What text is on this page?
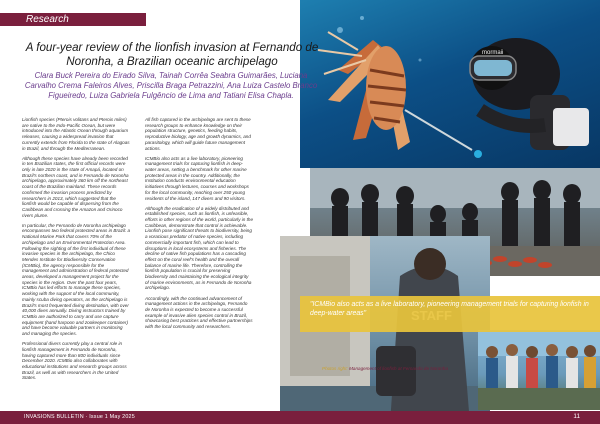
mormaii
"ICMBio also acts as a live laboratory, pioneering management trials for capturing lionfish in deep-water areas"
Photos right: Management of lionfish at Fernando de Noronha
Research
A four-year review of the lionfish invasion at Fernando de Noronha, a Brazilian oceanic archipelago

Clara Buck Pereira do Eirado Silva, Tainah Corrêa Seabra Guimarães, Luciana Carvalho Crema Faleiros Alves, Priscilla Braga Petrazzini, Ana Luiza Castelo Branco Figueiredo, Luiza Gabriela Fulgêncio de Lima and Tatiani Elisa Chapla.

Lionfish species (Pterois volitans and Pterois miles) are native to the Indo-Pacific Ocean, but were introduced into the Atlantic Ocean through aquarium releases, causing a widespread invasion that currently extends from Florida to the state of Alagoas in Brazil, and through the Mediterranean.

Although these species have already been recorded in ten Brazilian states, the first official records were only in late 2020 in the state of Amapá, located on Brazil's northern coast, and in Fernando de Noronha archipelago, approximately 360 km off the northeast coast of the Brazilian mainland. These records confirmed the invasion process predicted by researchers in 2013, which suggested that the lionfish would be capable of dispersing from the Caribbean and crossing the Amazon and Orinoco rivers plume.

In particular, the Fernando de Noronha archipelago encompasses two federal protected areas in Brazil: a National Marine Park that covers 70% of the archipelago and an Environmental Protection Area. Following the sighting of the first individual of these invasive species in the archipelago, the Chico Mendes Institute for Biodiversity Conservation (ICMBio), the agency responsible for the management and administration of federal protected areas, developed a management project for the species in the region. Over the past four years, ICMBio has led efforts to manage these species, working with the support of the local community, mainly scuba diving operators, as the archipelago is Brazil's most frequented diving destination, with over 40,000 dives annually. Diving instructors trained by ICMBio are authorized to carry and use capture equipment (hand harpoon and zookeeper container) and have become valuable partners in monitoring and managing the species.

Professional divers currently play a central role in lionfish management in Fernando de Noronha, having captured more than 800 individuals since December 2020. ICMBio also collaborates with educational institutions and research groups across Brazil, as well as with researchers in the United States.

All fish captured in the archipelago are sent to these research groups to enhance knowledge on their population structure, genetics, feeding habits, reproductive biology, age and growth dynamics, and parasitology, which will guide future management actions.

ICMBio also acts as a live laboratory, pioneering management trials for capturing lionfish in deep-water areas, setting a benchmark for other marine protected areas in the country. Additionally, the Institution conducts environmental education initiatives through lectures, courses and workshops for the local community, reaching over 250 young residents of the island, 147 divers and 90 visitors.

Although the eradication of a widely distributed and established species, such as lionfish, is unfeasible, efforts in other regions of the world, particularly in the Caribbean, demonstrate that control is achievable. Lionfish pose significant threats to biodiversity, being a voracious predator of native species, including commercially important fish, which can lead to disruptions in local ecosystems and fisheries. The decline of native fish populations has a cascading effect on the coral reef's health and the overall balance of marine life. Therefore, controlling the lionfish population is crucial for preserving biodiversity and maintaining the ecological integrity of marine environments, as in Fernando de Noronha archipelago.

Accordingly, with the continued advancement of management actions in the archipelago, Fernando de Noronha is expected to become a successful example of invasive alien species control in Brazil, showcasing best practices and effective partnerships with the local community and researchers.

INVASIONS BULLETIN · Issue 1 May 2025	11
